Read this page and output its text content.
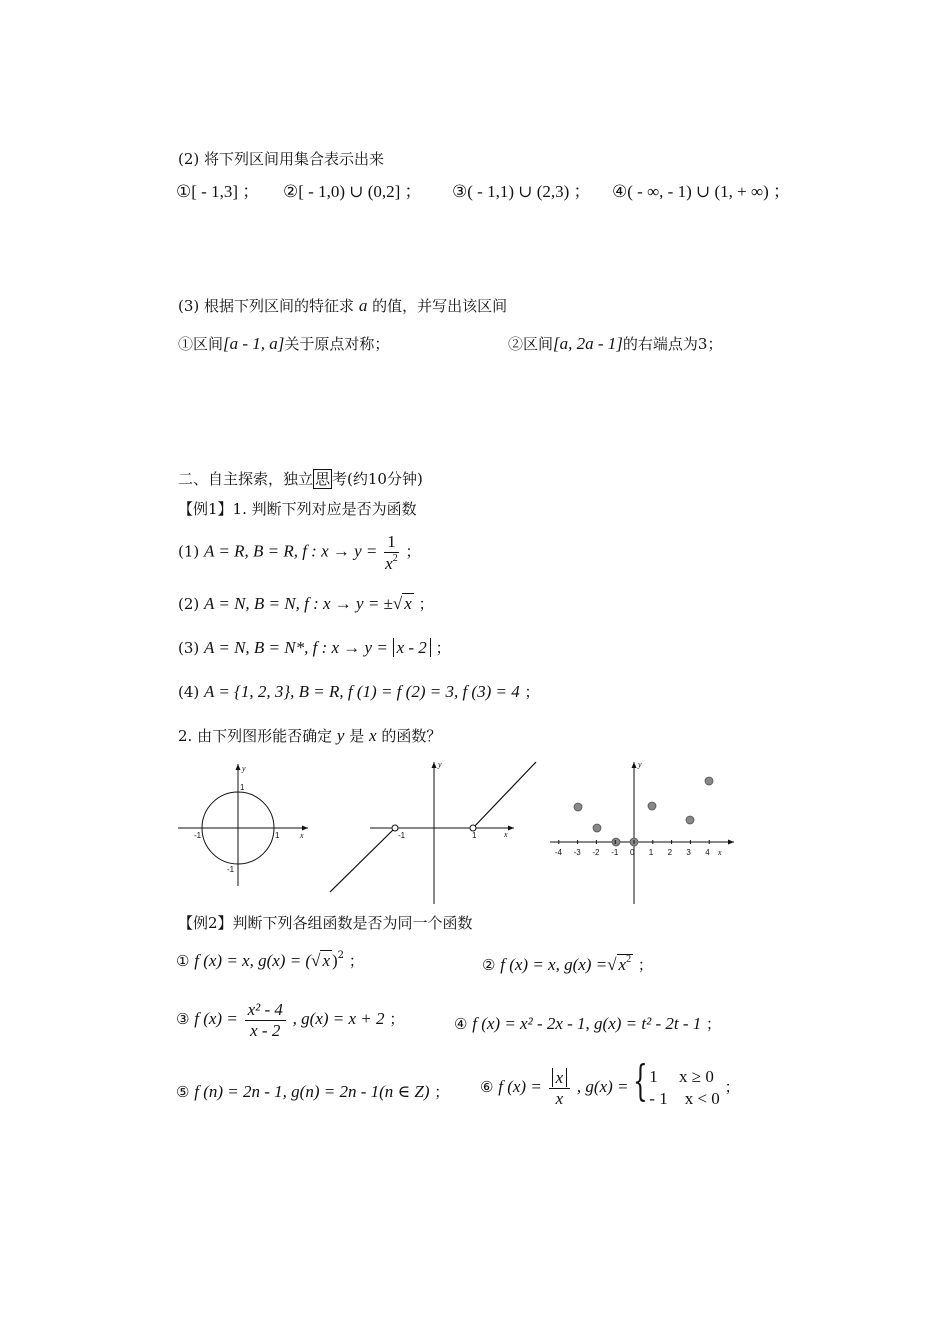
(2) 将下列区间用集合表示出来
①[ - 1,3] ； ②[ - 1,0) ∪ (0,2] ； ③( - 1,1) ∪ (2,3) ； ④( - ∞, - 1) ∪ (1, + ∞) ；
(3) 根据下列区间的特征求 a 的值，并写出该区间
①区间[a - 1, a]关于原点对称；	②区间[a, 2a - 1]的右端点为3；
二、自主探索，独立 思 考(约10分钟)
【例1】1. 判断下列对应是否为函数
(1) A = R, B = R, f : $x \to y = \frac{1}{x^2}$ ；
(2) A = N, B = N, f : x → y = ±√ x ；
(3) A = N, B = N*, f : x → y = x - 2 ；
(4) A = {1, 2, 3}, B = R, f (1) = f (2) = 3, f (3) = 4 ；
2. 由下列图形能否确定 y 是 x 的函数？
y
x
1
-1	1
-1
y
x
-1	1
y
x
-4 -3 -2 -1 0 1 2 3 4
【例2】判断下列各组函数是否为同一个函数
① f (x) = x, g(x) = (√ x )$^2$ ；	② f (x) = x, g(x) =√ $x^2$ ；
③ f $(x) = \frac{\text{x² - 4}}{x - 2}$ , g(x) = x + 2 ；	④ f (x) = x² - 2x - 1, g(x) = t² - 2t - 1 ；
⑤ f (n) = 2n - 1, g(n) = 2n - 1(n ∈ Z) ； ⑥ f $(x) = \frac{x}{x}$ , g(x) = { 1 x ≥ 0
- 1 x < 0
；
